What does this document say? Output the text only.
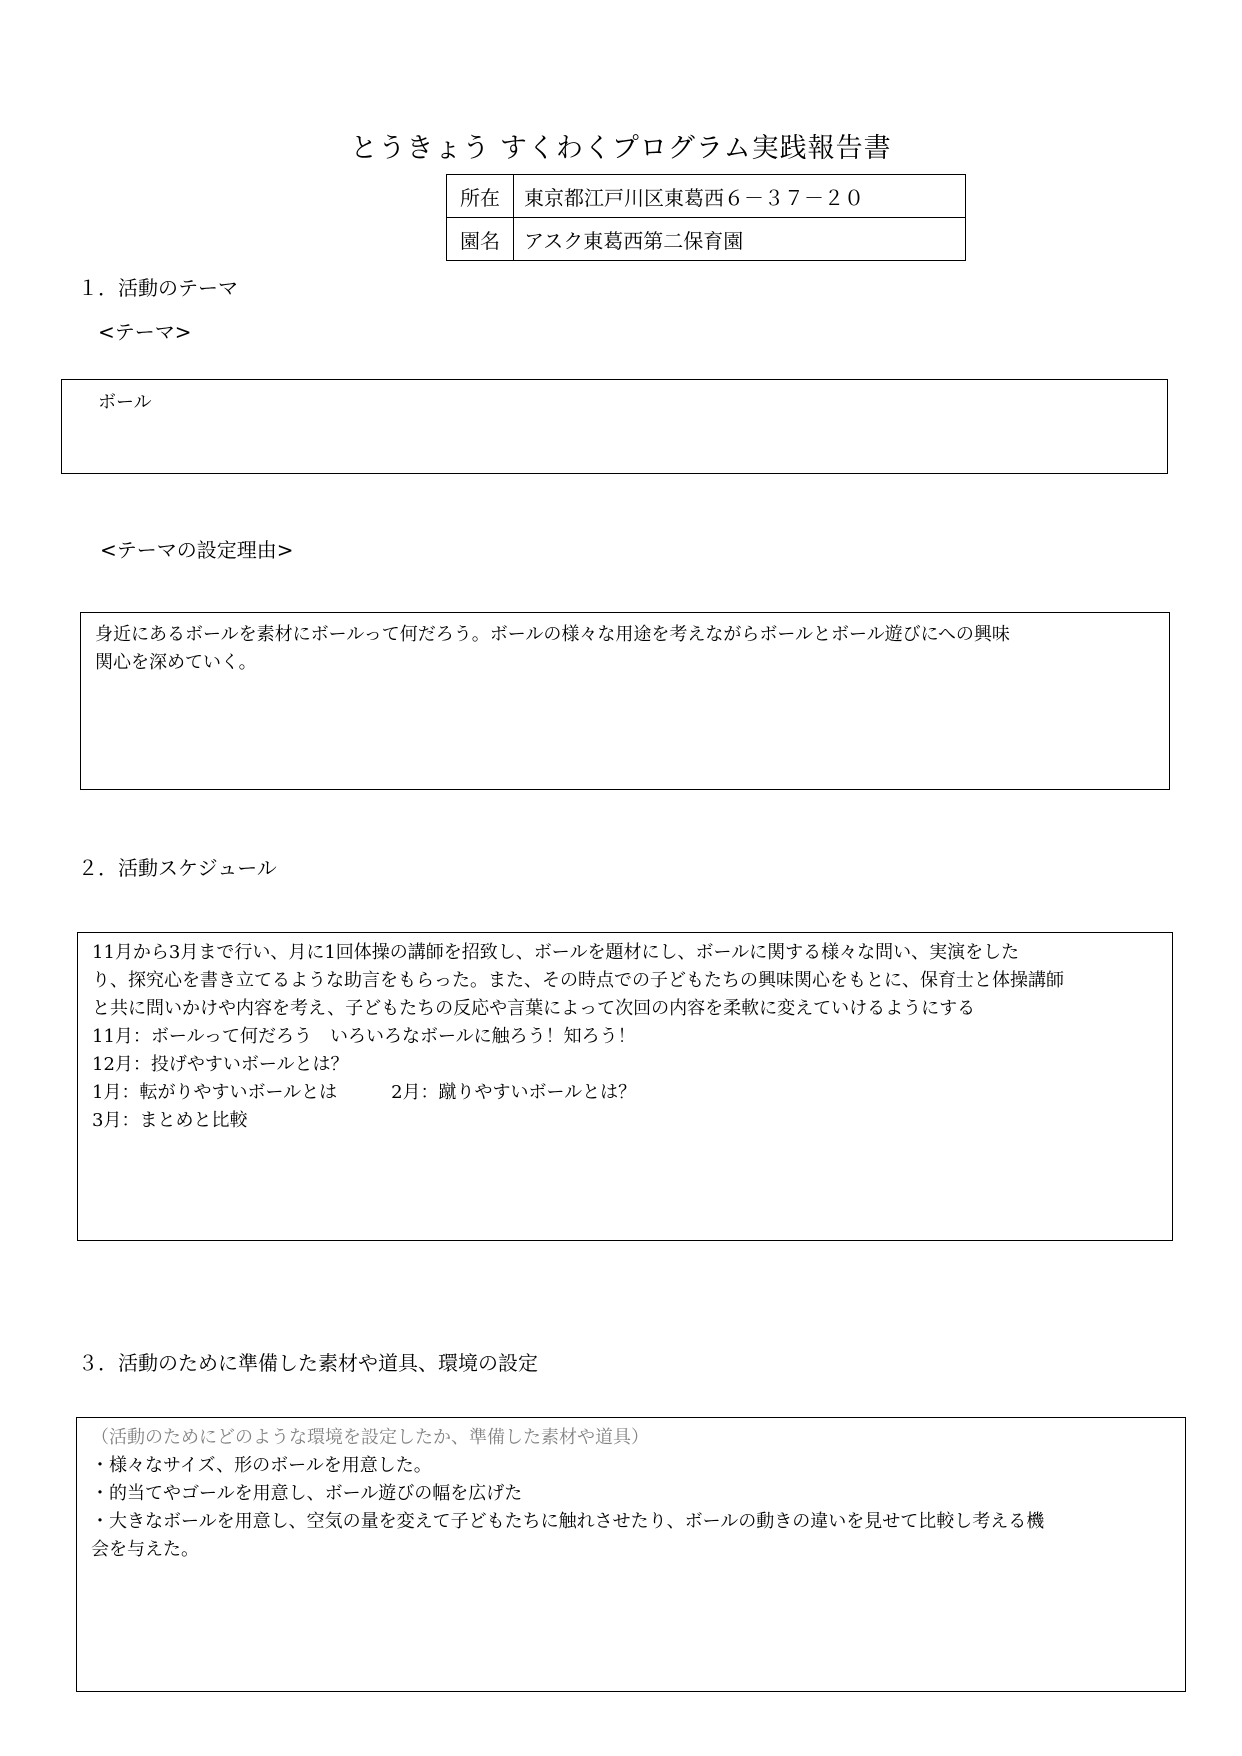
とうきょう すくわくプログラム実践報告書
所在	東京都江戸川区東葛西６－３７－２０
園名	アスク東葛西第二保育園
１．活動のテーマ
<テーマ>
ボール
<テーマの設定理由>
身近にあるボールを素材にボールって何だろう。ボールの様々な用途を考えながらボールとボール遊びにへの興味
関心を深めていく。
２．活動スケジュール
11月から3月まで行い、月に1回体操の講師を招致し、ボールを題材にし、ボールに関する様々な問い、実演をした
り、探究心を書き立てるような助言をもらった。また、その時点での子どもたちの興味関心をもとに、保育士と体操講師
と共に問いかけや内容を考え、子どもたちの反応や言葉によって次回の内容を柔軟に変えていけるようにする
11月：ボールって何だろう　いろいろなボールに触ろう！知ろう！
12月：投げやすいボールとは？
1月：転がりやすいボールとは　　　2月：蹴りやすいボールとは？
3月：まとめと比較
３．活動のために準備した素材や道具、環境の設定
（活動のためにどのような環境を設定したか、準備した素材や道具）
・様々なサイズ、形のボールを用意した。
・的当てやゴールを用意し、ボール遊びの幅を広げた
・大きなボールを用意し、空気の量を変えて子どもたちに触れさせたり、ボールの動きの違いを見せて比較し考える機
会を与えた。
